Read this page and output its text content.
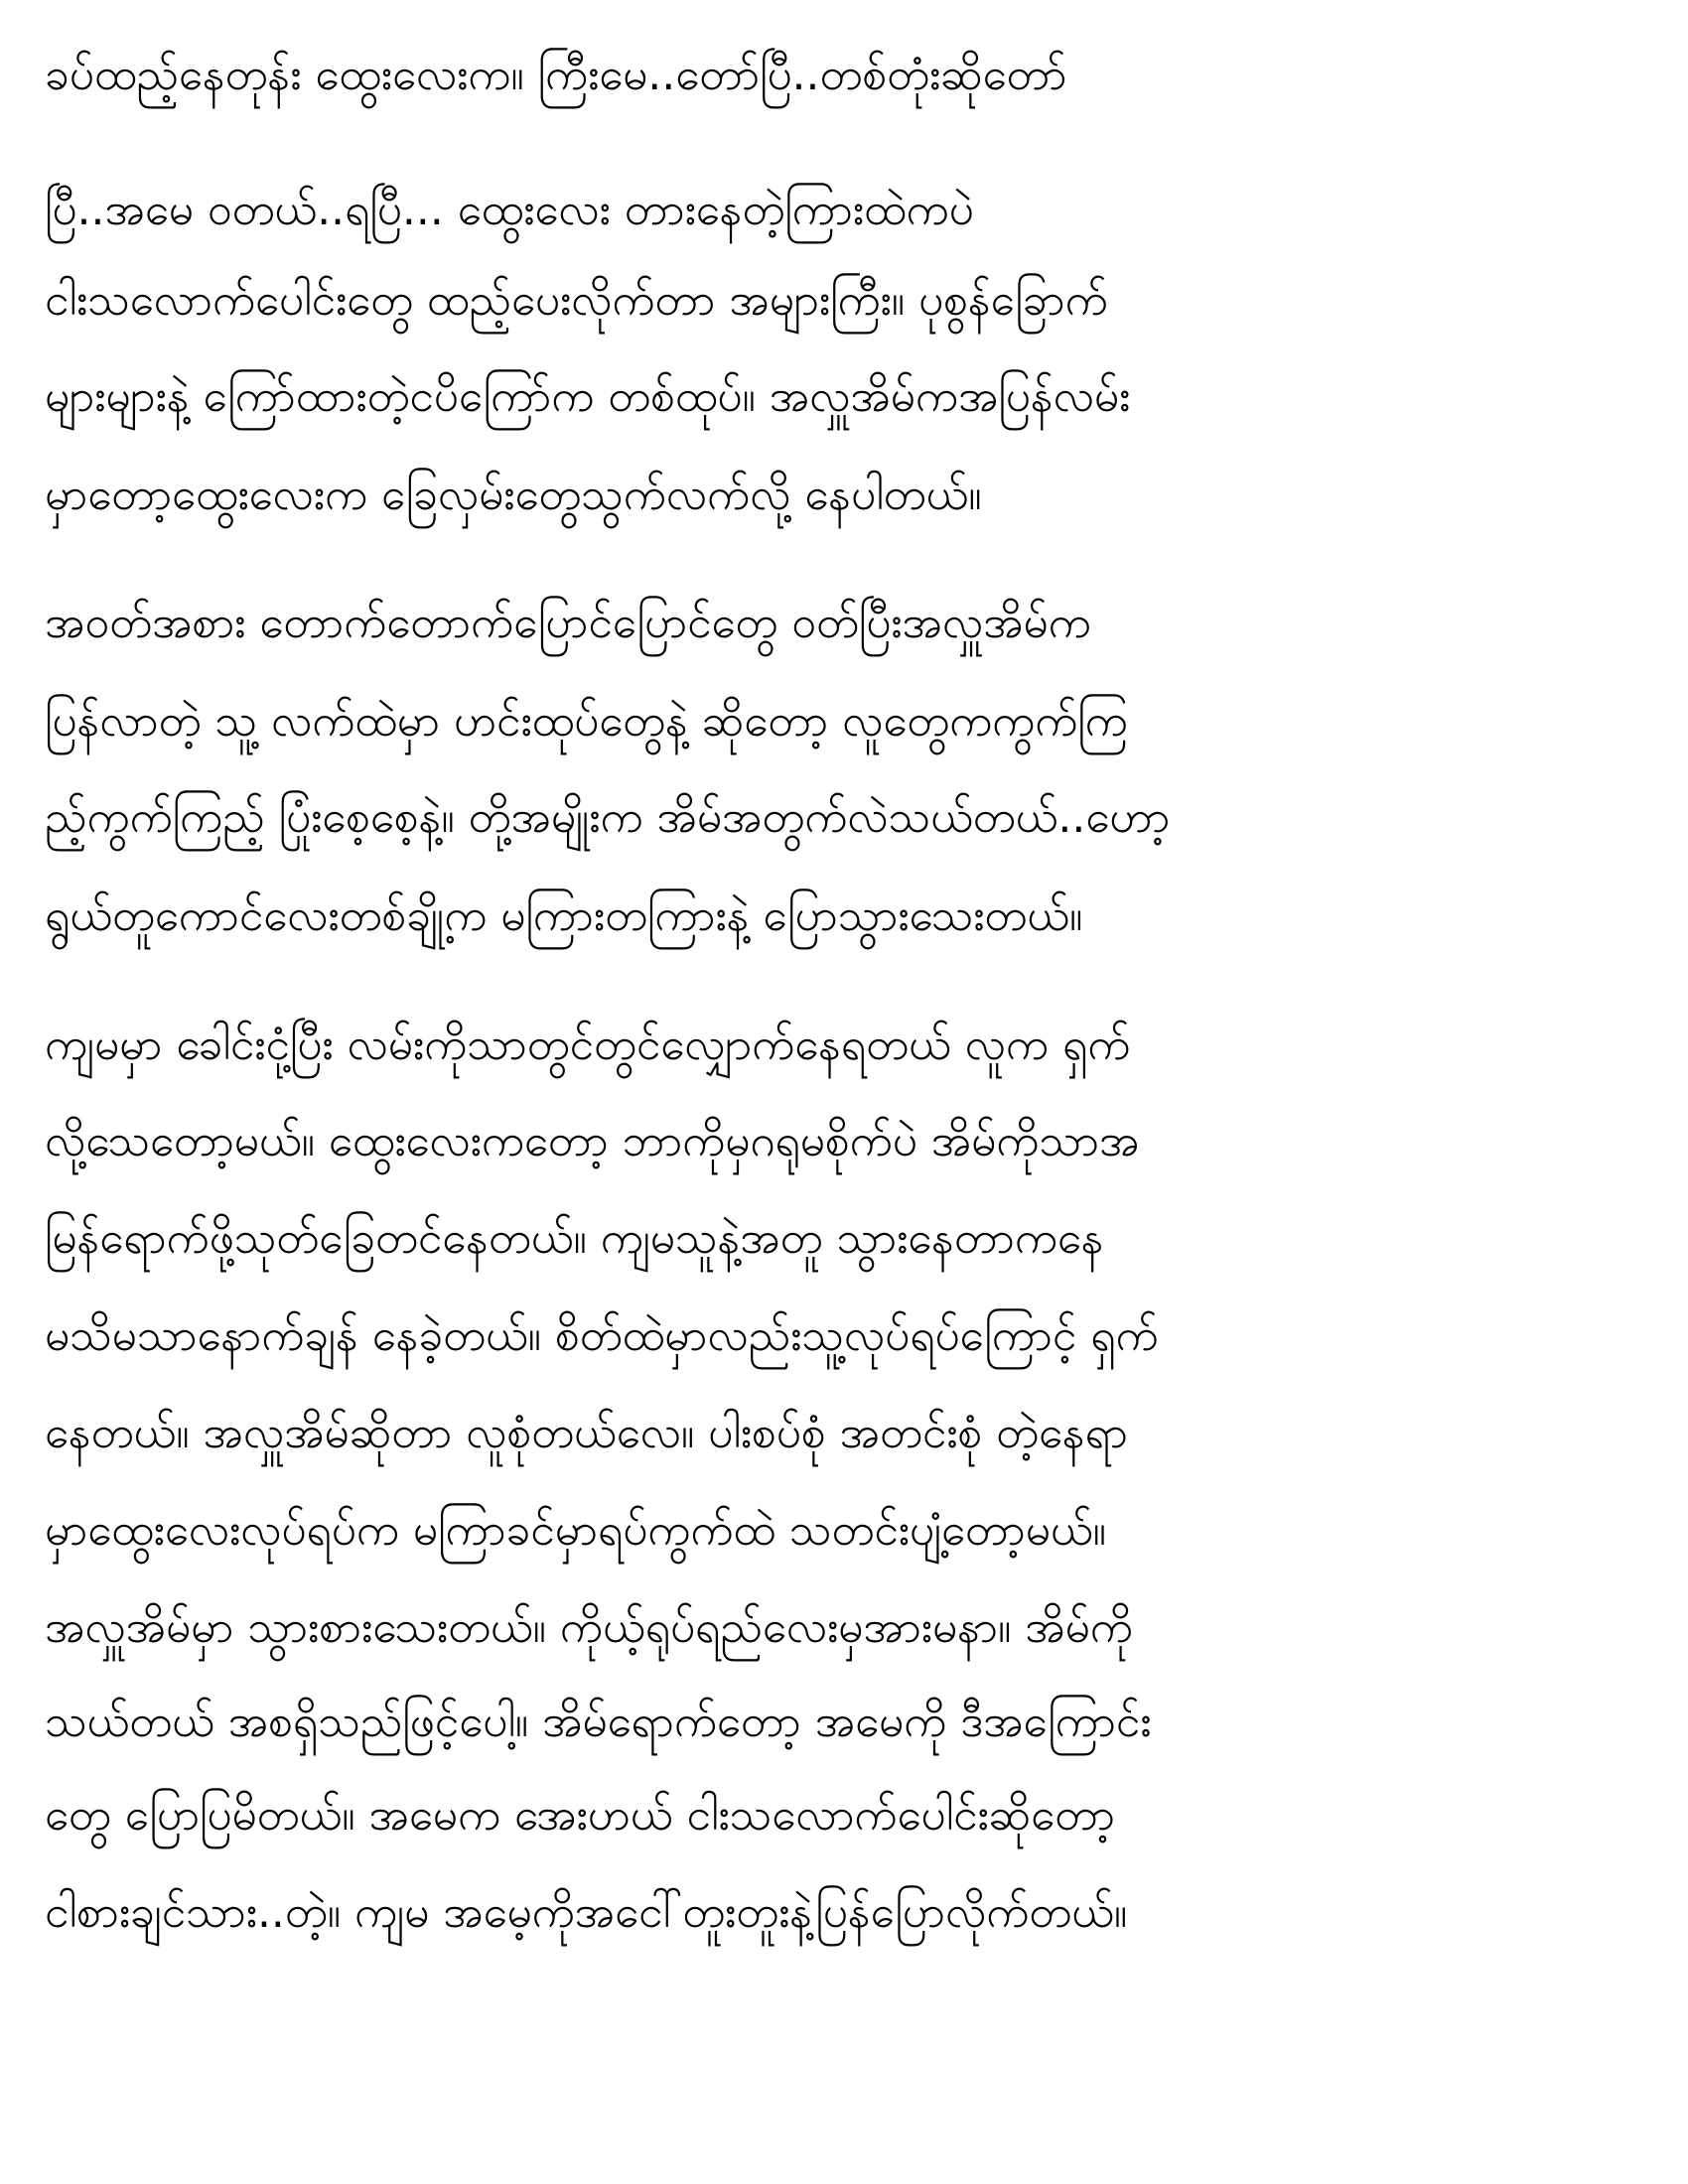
ခပ်ထည့်နေတုန်း ထွေးလေးက။ ကြီးမေ..တော်ပြီ..တစ်တုံးဆိုတော်
ပြီ..အမေ ဝတယ်..ရပြီ... ထွေးလေး တားနေတဲ့ကြားထဲကပဲ
ငါးသလောက်ပေါင်းတွေ ထည့်ပေးလိုက်တာ အများကြီး။ ပုစွန်ခြောက်
များများနဲ့ ကြော်ထားတဲ့ငပိကြော်က တစ်ထုပ်။ အလှူအိမ်ကအပြန်လမ်း
မှာတော့ထွေးလေးက ခြေလှမ်းတွေသွက်လက်လို့ နေပါတယ်။
အဝတ်အစား တောက်တောက်ပြောင်ပြောင်တွေ ဝတ်ပြီးအလှူအိမ်က
ပြန်လာတဲ့ သူ့ လက်ထဲမှာ ဟင်းထုပ်တွေနဲ့ ဆိုတော့ လူတွေကကွက်ကြ
ည့်ကွက်ကြည့် ပြုံးစေ့စေ့နဲ့။ တို့အမျိုးက အိမ်အတွက်လဲသယ်တယ်..ဟော့
ရွယ်တူကောင်လေးတစ်ချို့က မကြားတကြားနဲ့ ပြောသွားသေးတယ်။
ကျမမှာ ခေါင်းငုံ့ပြီး လမ်းကိုသာတွင်တွင်လျှောက်နေရတယ် လူက ရှက်
လို့သေတော့မယ်။ ထွေးလေးကတော့ ဘာကိုမှဂရုမစိုက်ပဲ အိမ်ကိုသာအ
မြန်ရောက်ဖို့သုတ်ခြေတင်နေတယ်။ ကျမသူနဲ့အတူ သွားနေတာကနေ
မသိမသာနောက်ချန် နေခဲ့တယ်။ စိတ်ထဲမှာလည်းသူ့လုပ်ရပ်ကြောင့် ရှက်
နေတယ်။ အလှူအိမ်ဆိုတာ လူစုံတယ်လေ။ ပါးစပ်စုံ အတင်းစုံ တဲ့နေရာ
မှာထွေးလေးလုပ်ရပ်က မကြာခင်မှာရပ်ကွက်ထဲ သတင်းပျံ့တော့မယ်။
အလှူအိမ်မှာ သွားစားသေးတယ်။ ကိုယ့်ရုပ်ရည်လေးမှအားမနာ။ အိမ်ကို
သယ်တယ် အစရှိသည်ဖြင့်ပေါ့။ အိမ်ရောက်တော့ အမေကို ဒီအကြောင်း
တွေ ပြောပြမိတယ်။ အမေက အေးဟယ် ငါးသလောက်ပေါင်းဆိုတော့
ငါစားချင်သား..တဲ့။ ကျမ အမေ့ကိုအငေါ်တူးတူးနဲ့ပြန်ပြောလိုက်တယ်။
